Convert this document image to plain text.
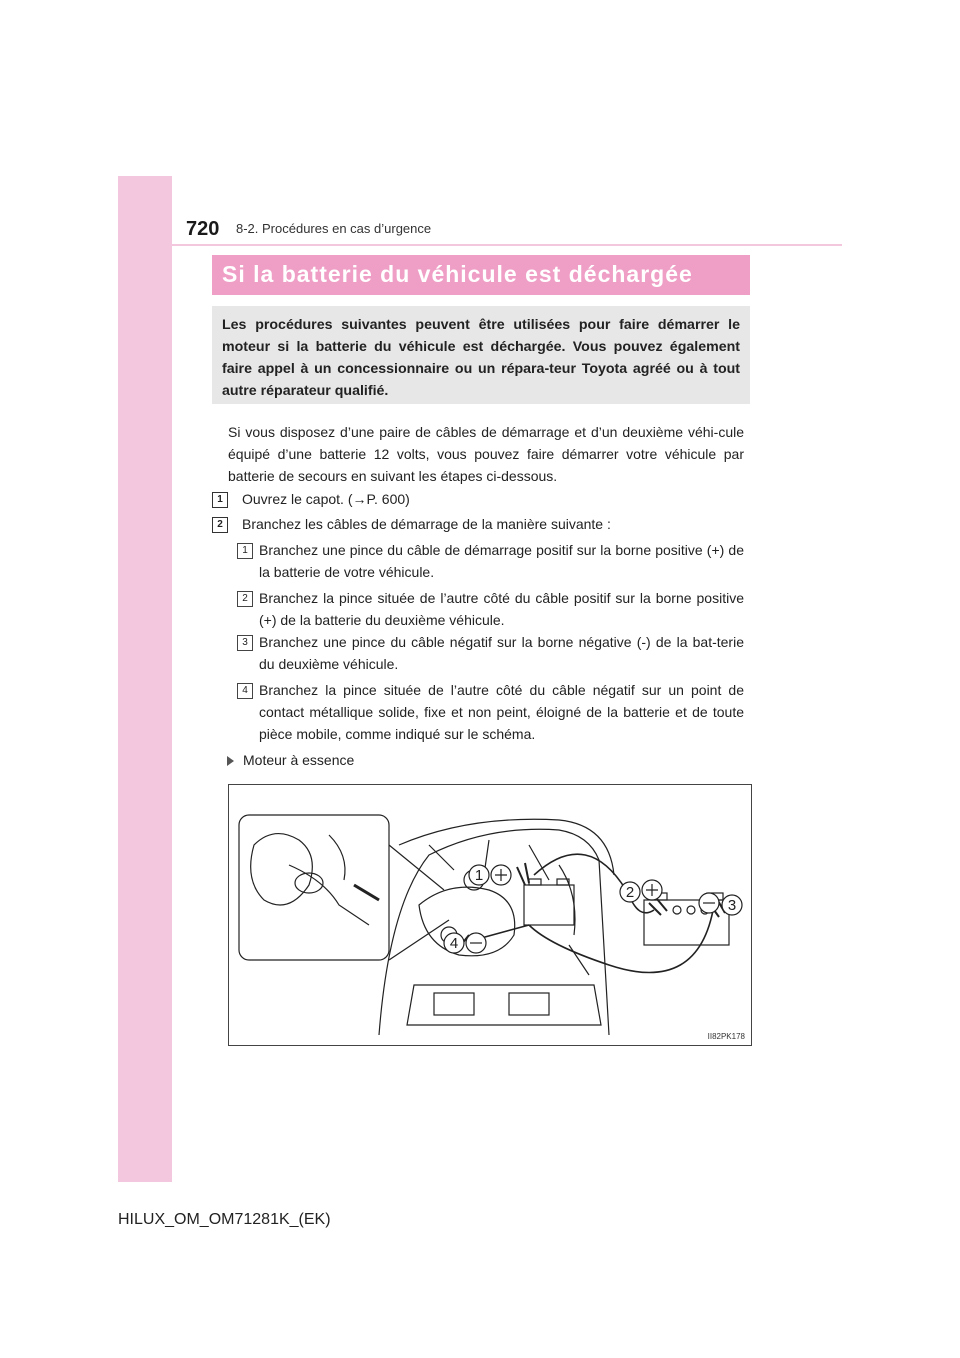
720 8-2. Procédures en cas d’urgence
Si la batterie du véhicule est déchargée
Les procédures suivantes peuvent être utilisées pour faire démarrer le moteur si la batterie du véhicule est déchargée. Vous pouvez également faire appel à un concessionnaire ou un répara-teur Toyota agréé ou à tout autre réparateur qualifié.
Si vous disposez d’une paire de câbles de démarrage et d’un deuxième véhi-cule équipé d’une batterie 12 volts, vous pouvez faire démarrer votre véhicule par batterie de secours en suivant les étapes ci-dessous.
1	Ouvrez le capot. (→P. 600)
2	Branchez les câbles de démarrage de la manière suivante :
1 Branchez une pince du câble de démarrage positif sur la borne positive (+) de la batterie de votre véhicule.
2 Branchez la pince située de l’autre côté du câble positif sur la borne positive (+) de la batterie du deuxième véhicule.
3 Branchez une pince du câble négatif sur la borne négative (-) de la bat-terie du deuxième véhicule.
4 Branchez la pince située de l’autre côté du câble négatif sur un point de contact métallique solide, fixe et non peint, éloigné de la batterie et de toute pièce mobile, comme indiqué sur le schéma.
Moteur à essence
1
2
3
4
II82PK178
HILUX_OM_OM71281K_(EK)
